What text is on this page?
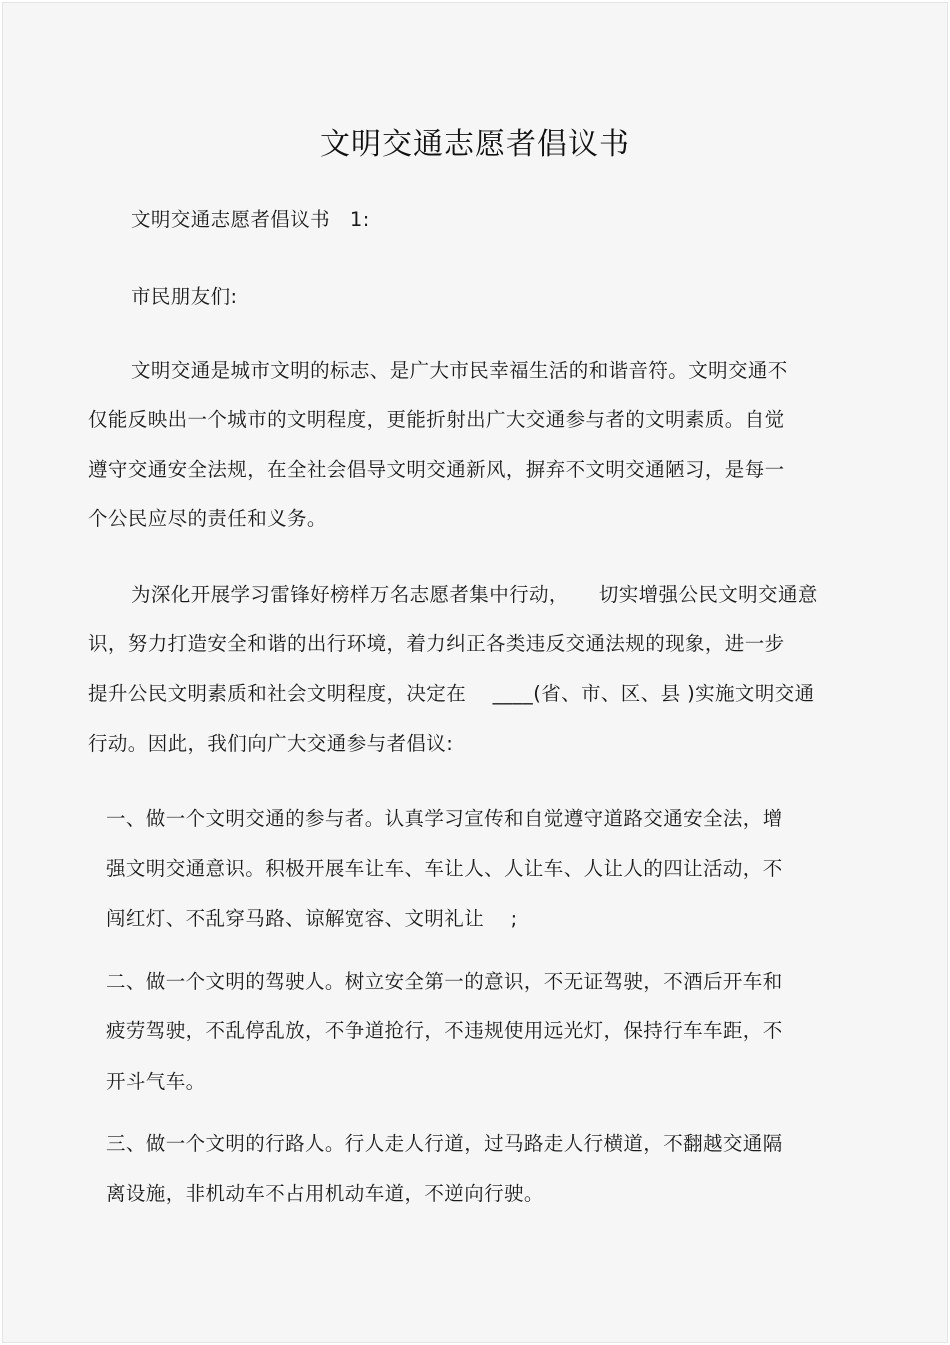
文明交通志愿者倡议书
文明交通志愿者倡议书　1:
市民朋友们:
文明交通是城市文明的标志、是广大市民幸福生活的和谐音符。文明交通不
仅能反映出一个城市的文明程度，更能折射出广大交通参与者的文明素质。自觉
遵守交通安全法规，在全社会倡导文明交通新风，摒弃不文明交通陋习，是每一
个公民应尽的责任和义务。
为深化开展学习雷锋好榜样万名志愿者集中行动，　　切实增强公民文明交通意
识，努力打造安全和谐的出行环境，着力纠正各类违反交通法规的现象，进一步
提升公民文明素质和社会文明程度，决定在　 ____(省、市、区、县 )实施文明交通
行动。因此，我们向广大交通参与者倡议:
一、做一个文明交通的参与者。认真学习宣传和自觉遵守道路交通安全法，增
强文明交通意识。积极开展车让车、车让人、人让车、人让人的四让活动，不
闯红灯、不乱穿马路、谅解宽容、文明礼让　 ;
二、做一个文明的驾驶人。树立安全第一的意识，不无证驾驶，不酒后开车和
疲劳驾驶，不乱停乱放，不争道抢行，不违规使用远光灯，保持行车车距，不
开斗气车。
三、做一个文明的行路人。行人走人行道，过马路走人行横道，不翻越交通隔
离设施，非机动车不占用机动车道，不逆向行驶。
